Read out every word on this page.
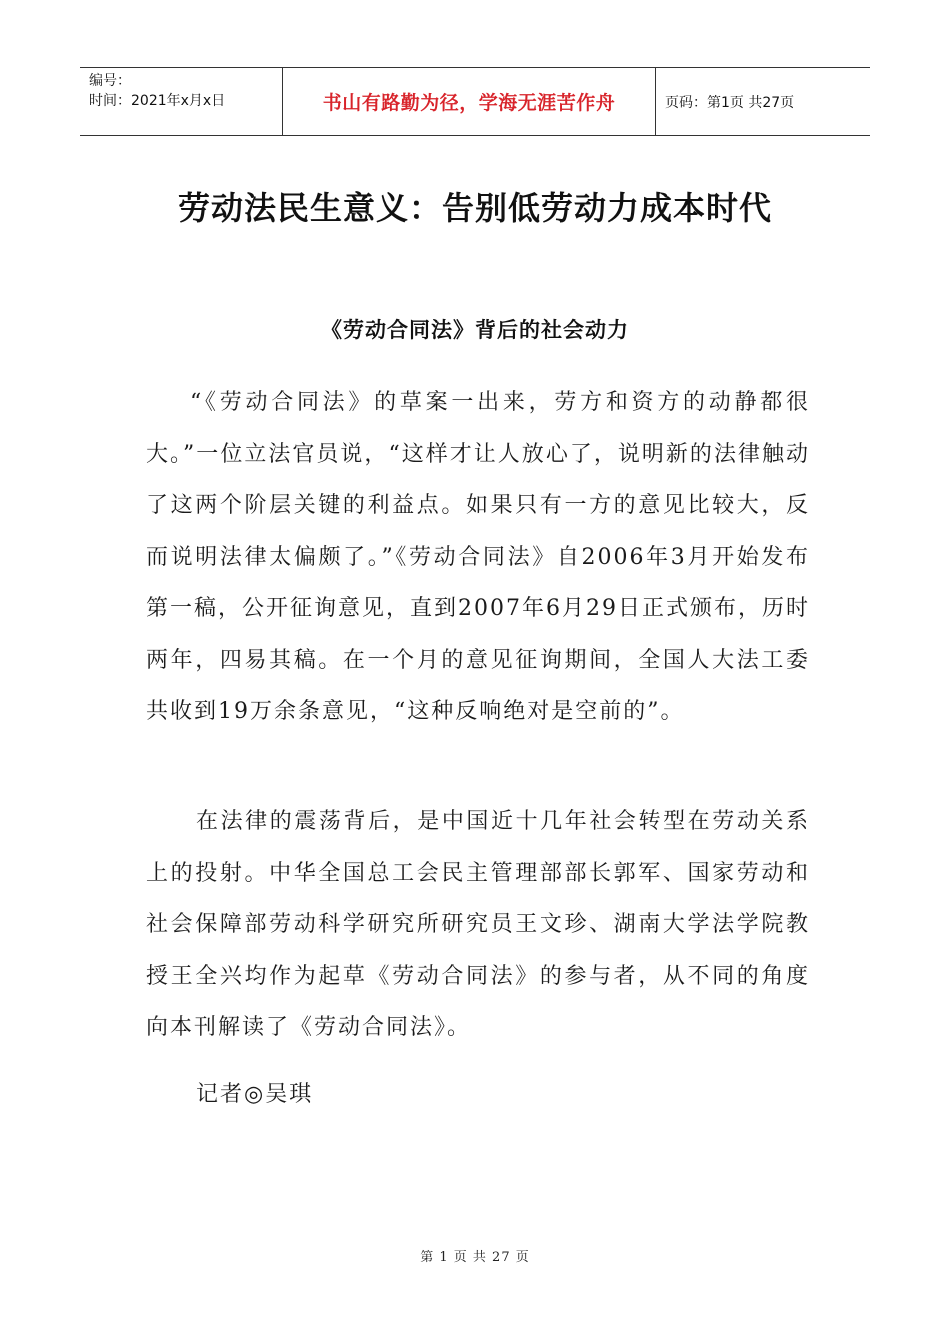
编号：
时间：2021年x月x日	书山有路勤为径，学海无涯苦作舟	页码：第1页 共27页
劳动法民生意义：告别低劳动力成本时代
《劳动合同法》背后的社会动力
“《劳动合同法》的草案一出来，劳方和资方的动静都很大。”一位立法官员说，“这样才让人放心了，说明新的法律触动了这两个阶层关键的利益点。如果只有一方的意见比较大，反而说明法律太偏颇了。”《劳动合同法》自2006年3月开始发布第一稿，公开征询意见，直到2007年6月29日正式颁布，历时两年，四易其稿。在一个月的意见征询期间，全国人大法工委共收到19万余条意见，“这种反响绝对是空前的”。
在法律的震荡背后，是中国近十几年社会转型在劳动关系上的投射。中华全国总工会民主管理部部长郭军、国家劳动和社会保障部劳动科学研究所研究员王文珍、湖南大学法学院教授王全兴均作为起草《劳动合同法》的参与者，从不同的角度向本刊解读了《劳动合同法》。
记者◎吴琪
第 1 页 共 27 页
